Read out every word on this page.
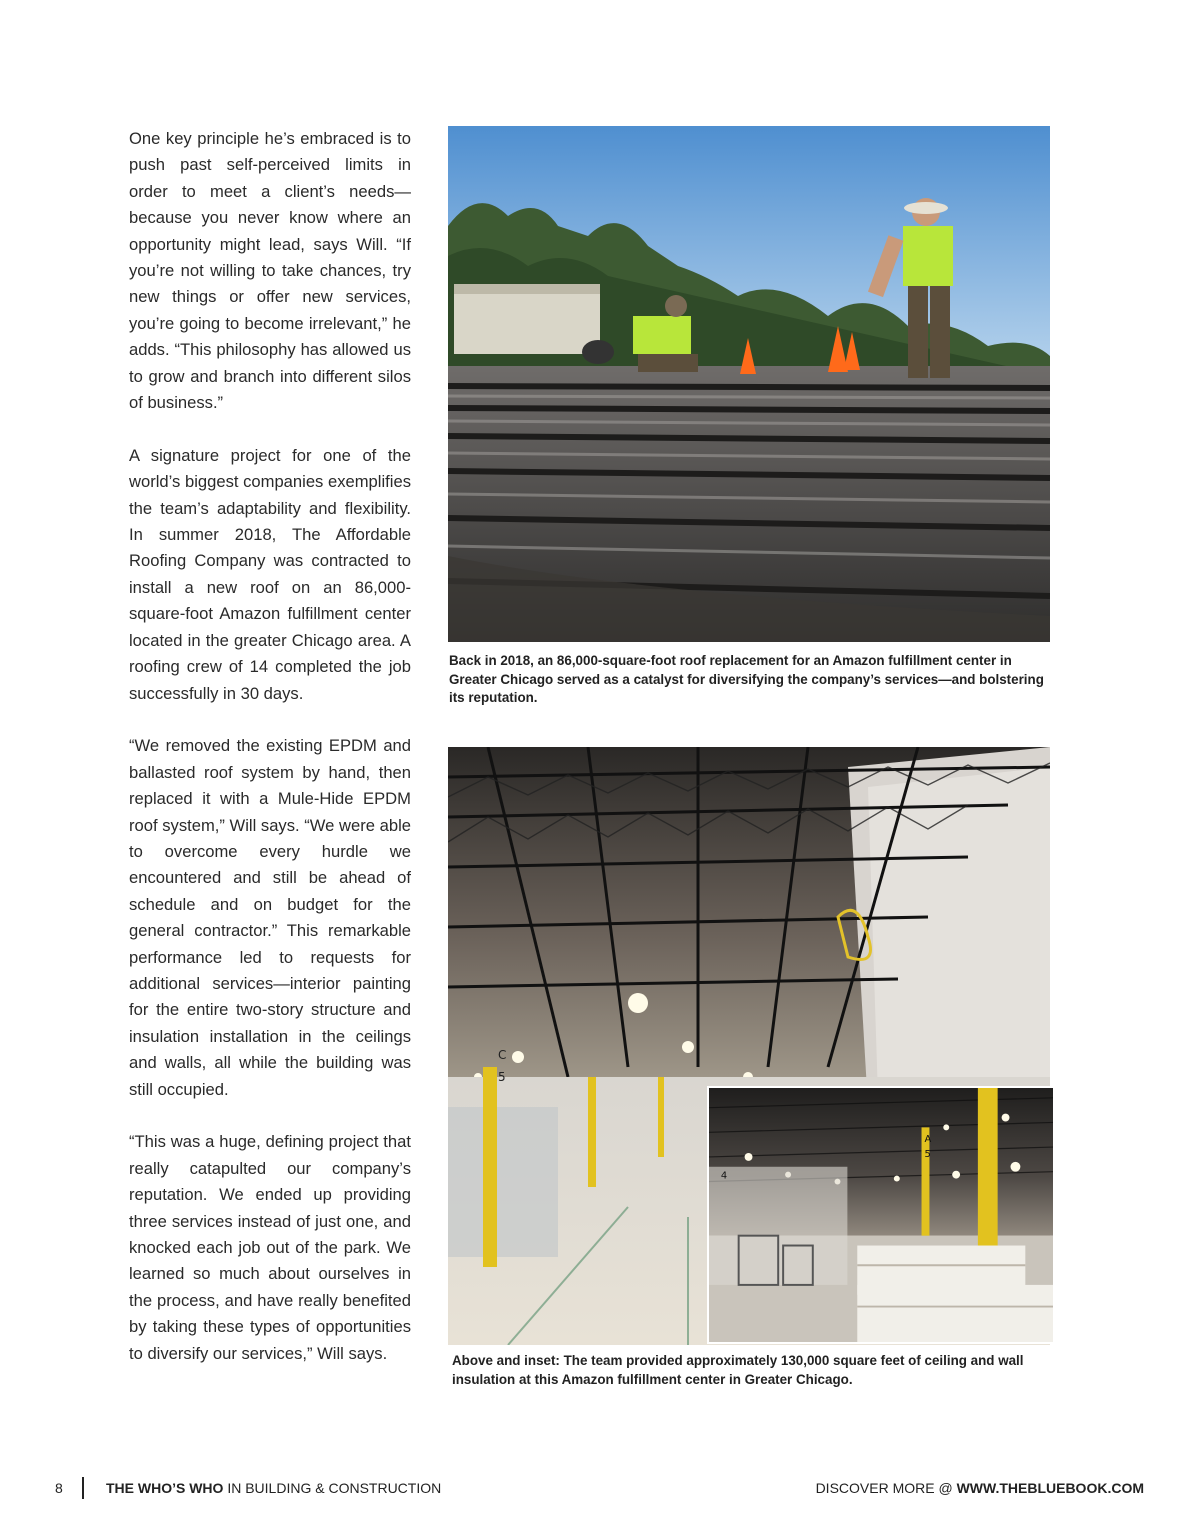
One key principle he’s embraced is to push past self-perceived limits in order to meet a client’s needs—because you never know where an opportunity might lead, says Will. “If you’re not willing to take chances, try new things or offer new services, you’re going to become irrelevant,” he adds. “This philosophy has allowed us to grow and branch into different silos of business.”

A signature project for one of the world’s biggest companies exemplifies the team’s adaptability and flexibility. In summer 2018, The Affordable Roofing Company was contracted to install a new roof on an 86,000-square-foot Amazon fulfillment center located in the greater Chicago area. A roofing crew of 14 completed the job successfully in 30 days.

“We removed the existing EPDM and ballasted roof system by hand, then replaced it with a Mule-Hide EPDM roof system,” Will says. “We were able to overcome every hurdle we encountered and still be ahead of schedule and on budget for the general contractor.” This remarkable performance led to requests for additional services—interior painting for the entire two-story structure and insulation installation in the ceilings and walls, all while the building was still occupied.

“This was a huge, defining project that really catapulted our company’s reputation. We ended up providing three services instead of just one, and knocked each job out of the park. We learned so much about ourselves in the process, and have really benefited by taking these types of opportunities to diversify our services,” Will says.

Back in 2018, an 86,000-square-foot roof replacement for an Amazon fulfillment center in Greater Chicago served as a catalyst for diversifying the company’s services—and bolstering its reputation.
C
5
A
5
4
Above and inset: The team provided approximately 130,000 square feet of ceiling and wall insulation at this Amazon fulfillment center in Greater Chicago.
8	THE WHO’S WHO IN BUILDING & CONSTRUCTION	DISCOVER MORE @ WWW.THEBLUEBOOK.COM
